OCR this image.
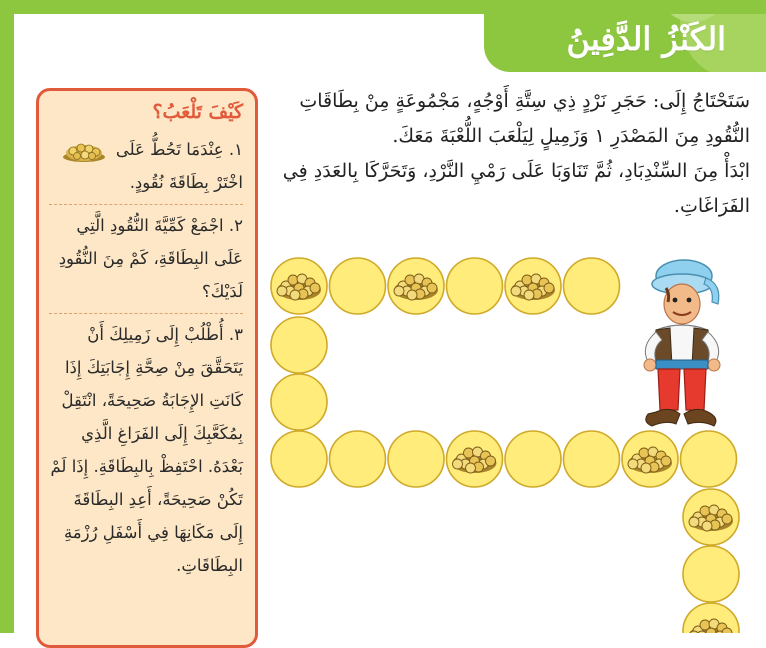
الكَنْزُ الدَّفِينُ
كَيْفَ تَلْعَبُ؟

١. عِنْدَمَا تَحُطُّ عَلَى
اخْتَرْ بِطَاقَةَ نُقُودٍ.

٢. اجْمَعْ كَمِّيَّةَ النُّقُودِ الَّتِي عَلَى البِطَاقَةِ، كَمْ مِنَ النُّقُودِ لَدَيْكَ؟

٣. أُطْلُبْ إِلَى زَمِيلِكَ أَنْ يَتَحَقَّقَ مِنْ صِحَّةِ إِجَابَتِكَ إِذَا كَانَتِ الإِجَابَةُ صَحِيحَةً، انْتَقِلْ بِمُكَعَّبِكَ إِلَى الفَرَاغِ الَّذِي بَعْدَهُ. احْتَفِظْ بِالبِطَاقَةِ. إِذَا لَمْ تَكُنْ صَحِيحَةً، أَعِدِ البِطَاقَةَ إِلَى مَكَانِهَا فِي أَسْفَلِ رُزْمَةِ البِطَاقَاتِ.

سَتَحْتَاجُ إِلَى: حَجَرِ نَرْدٍ ذِي سِتَّةِ أَوْجُهٍ، مَجْمُوعَةٍ مِنْ بِطَاقَاتِ النُّقُودِ مِنَ المَصْدَرِ ١ وَزَمِيلٍ لِيَلْعَبَ اللُّعْبَةَ مَعَكَ.

ابْدَأْ مِنَ السِّنْدِبَادِ، ثُمَّ تَنَاوَبَا عَلَى رَمْيِ النَّرْدِ، وَتَحَرَّكَا بِالعَدَدِ فِي الفَرَاغَاتِ.
